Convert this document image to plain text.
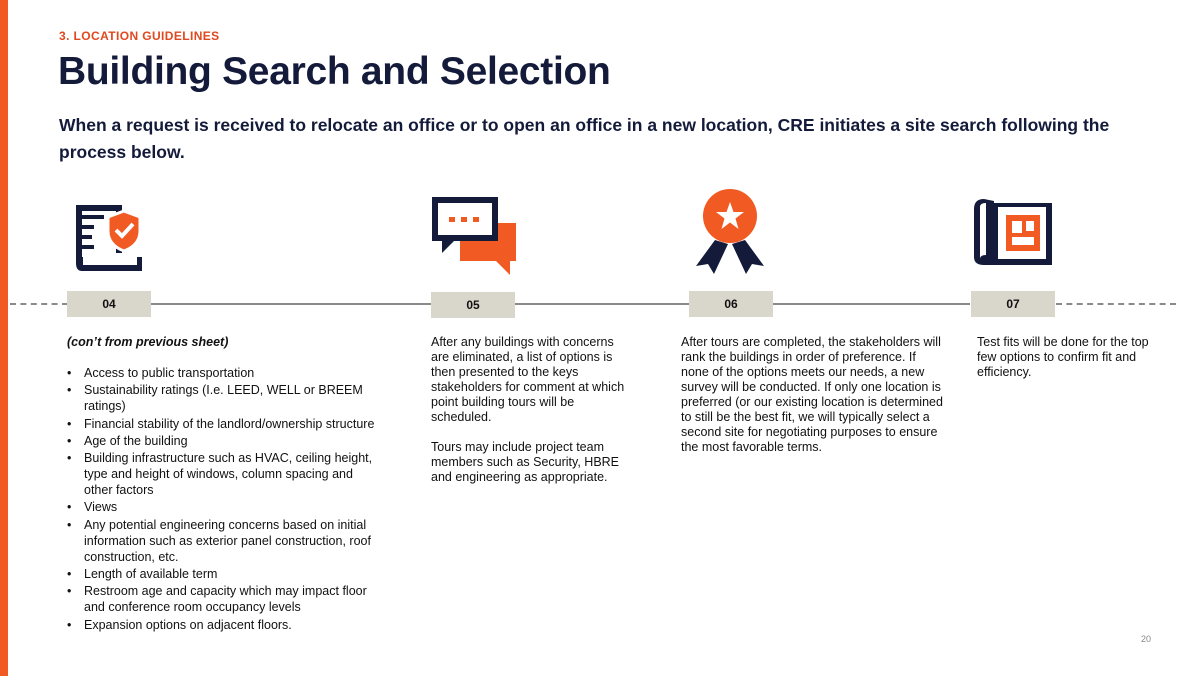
3. LOCATION GUIDELINES
Building Search and Selection
When a request is received to relocate an office or to open an office in a new location, CRE initiates a site search following the process below.
04	05	06	07

(con’t from previous sheet)

• Access to public transportation
• Sustainability ratings (I.e. LEED, WELL or BREEM ratings)
• Financial stability of the landlord/ownership structure
• Age of the building
• Building infrastructure such as HVAC, ceiling height, type and height of windows, column spacing and other factors
• Views
• Any potential engineering concerns based on initial information such as exterior panel construction, roof construction, etc.
• Length of available term
• Restroom age and capacity which may impact floor and conference room occupancy levels
• Expansion options on adjacent floors.

After any buildings with concerns are eliminated, a list of options is then presented to the keys stakeholders for comment at which point building tours will be scheduled.

Tours may include project team members such as Security, HBRE and engineering as appropriate.

After tours are completed, the stakeholders will rank the buildings in order of preference. If none of the options meets our needs, a new survey will be conducted. If only one location is preferred (or our existing location is determined to still be the best fit, we will typically select a second site for negotiating purposes to ensure the most favorable terms.

Test fits will be done for the top few options to confirm fit and efficiency.

20
